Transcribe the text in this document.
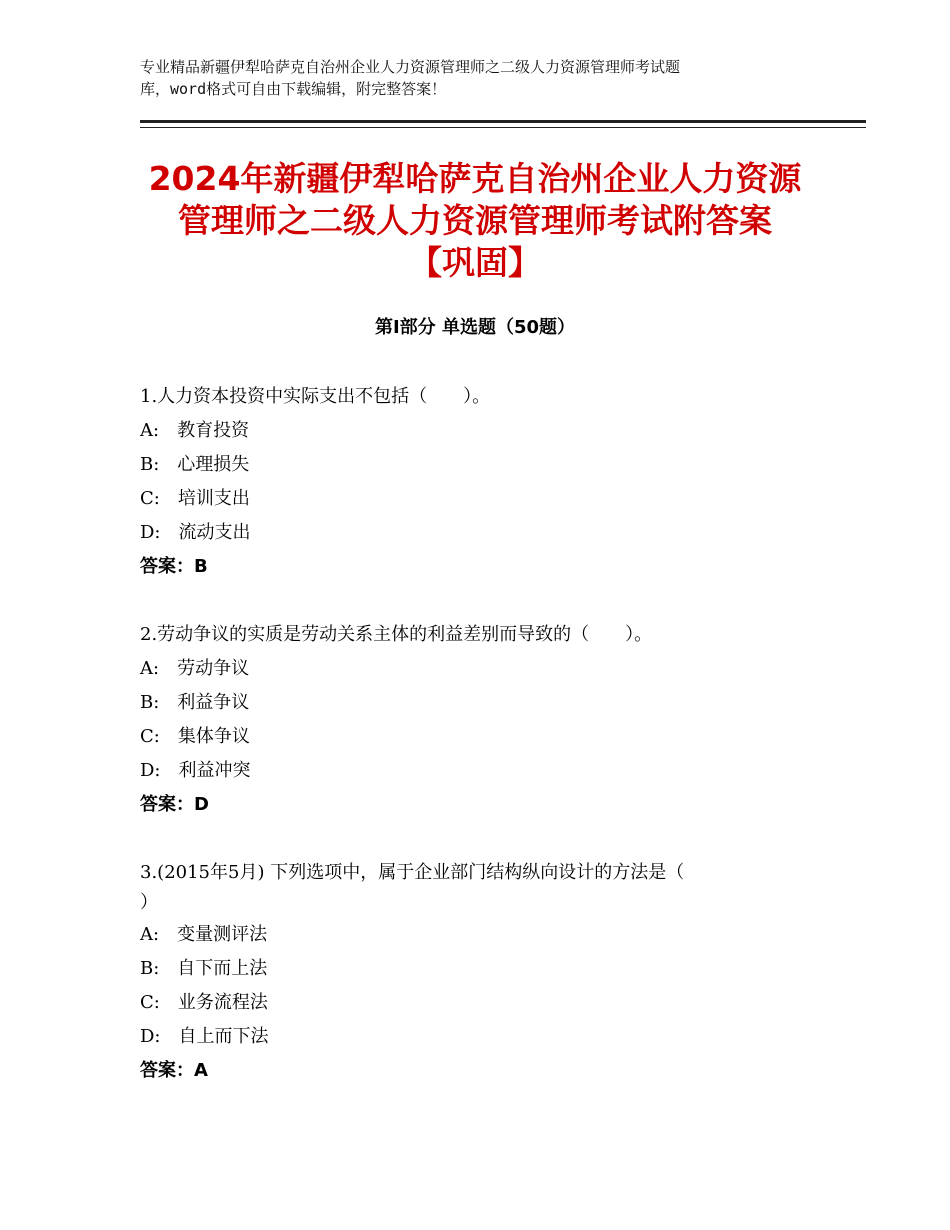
专业精品新疆伊犁哈萨克自治州企业人力资源管理师之二级人力资源管理师考试题
库，word格式可自由下载编辑，附完整答案！
2024年新疆伊犁哈萨克自治州企业人力资源
管理师之二级人力资源管理师考试附答案
【巩固】
第Ⅰ部分 单选题（50题）
1.人力资本投资中实际支出不包括（　　）。
A:　教育投资
B:　心理损失
C:　培训支出
D:　流动支出
答案：B
2.劳动争议的实质是劳动关系主体的利益差别而导致的（　　）。
A:　劳动争议
B:　利益争议
C:　集体争议
D:　利益冲突
答案：D
3.(2015年5月) 下列选项中，属于企业部门结构纵向设计的方法是（
）
A:　变量测评法
B:　自下而上法
C:　业务流程法
D:　自上而下法
答案：A
